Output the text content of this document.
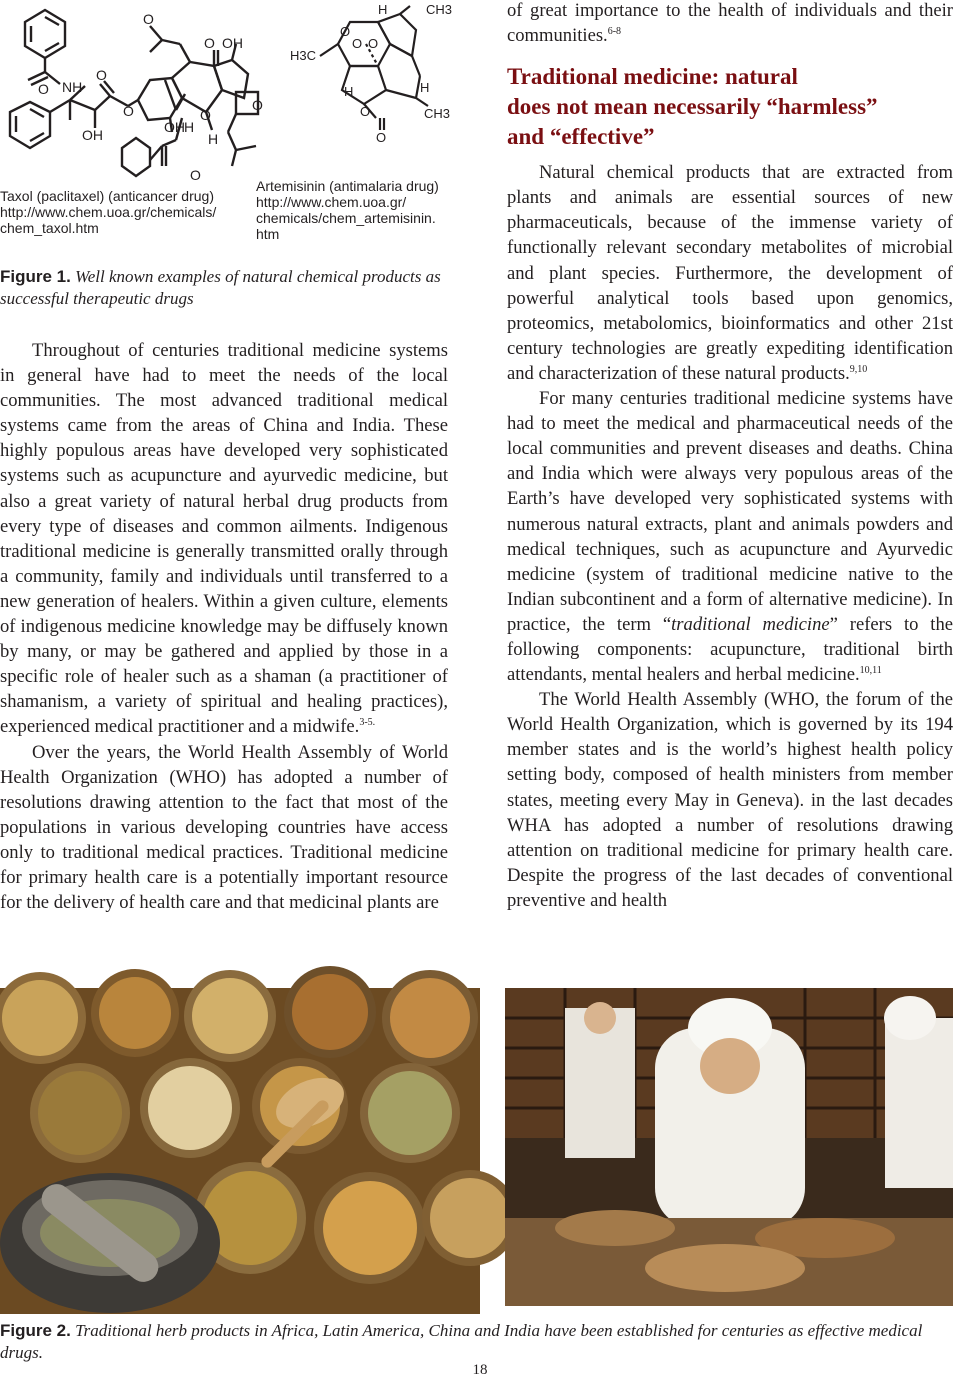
O NH
O
OH
O
O
OH
O
H
OH
O
H
O
O
H	CH3
H3C
O
O O
H	H
O	CH3
O
Taxol (paclitaxel) (anticancer drug)
http://www.chem.uoa.gr/chemicals/
chem_taxol.htm
Artemisinin (antimalaria drug)
http://www.chem.uoa.gr/
chemicals/chem_artemisinin.
htm
Figure 1. Well known examples of natural chemical products as successful therapeutic drugs

Throughout of centuries traditional medicine systems in general have had to meet the needs of the local communities. The most advanced traditional medical systems came from the areas of China and India. These highly populous areas have developed very sophisticated systems such as acupuncture and ayurvedic medicine, but also a great variety of natural herbal drug products from every type of diseases and common ailments. Indigenous traditional medicine is generally transmitted orally through a community, family and individuals until transferred to a new generation of healers. Within a given culture, elements of indigenous medicine knowledge may be diffusely known by many, or may be gathered and applied by those in a specific role of healer such as a shaman (a practitioner of shamanism, a variety of spiritual and healing practices), experienced medical practitioner and a midwife.$^{3-5.}$

Over the years, the World Health Assembly of World Health Organization (WHO) has adopted a number of resolutions drawing attention to the fact that most of the populations in various developing countries have access only to traditional medical practices. Traditional medicine for primary health care is a potentially important resource for the delivery of health care and that medicinal plants are

of great importance to the health of individuals and their communities.$^{6-8}$

Traditional medicine: natural
does not mean necessarily “harmless”
and “effective”

Natural chemical products that are extracted from plants and animals are essential sources of new pharmaceuticals, because of the immense variety of functionally relevant secondary metabolites of microbial and plant species. Furthermore, the development of powerful analytical tools based upon genomics, proteomics, metabolomics, bioinformatics and other 21st century technologies are greatly expediting identification and characterization of these natural products.$^{9,10}$

For many centuries traditional medicine systems have had to meet the medical and pharmaceutical needs of the local communities and prevent diseases and deaths. China and India which were always very populous areas of the Earth’s have developed very sophisticated systems with numerous natural extracts, plant and animals powders and medical techniques, such as acupuncture and Ayurvedic medicine (system of traditional medicine native to the Indian subcontinent and a form of alternative medicine). In practice, the term “traditional medicine” refers to the following components: acupuncture, traditional birth attendants, mental healers and herbal medicine.$^{10,11}$

The World Health Assembly (WHO, the forum of the World Health Organization, which is governed by its 194 member states and is the world’s highest health policy setting body, composed of health ministers from member states, meeting every May in Geneva). in the last decades WHA has adopted a number of resolutions drawing attention on traditional medicine for primary health care. Despite the progress of the last decades of conventional preventive and health

Figure 2. Traditional herb products in Africa, Latin America, China and India have been established for centuries as effective medical drugs.
18
